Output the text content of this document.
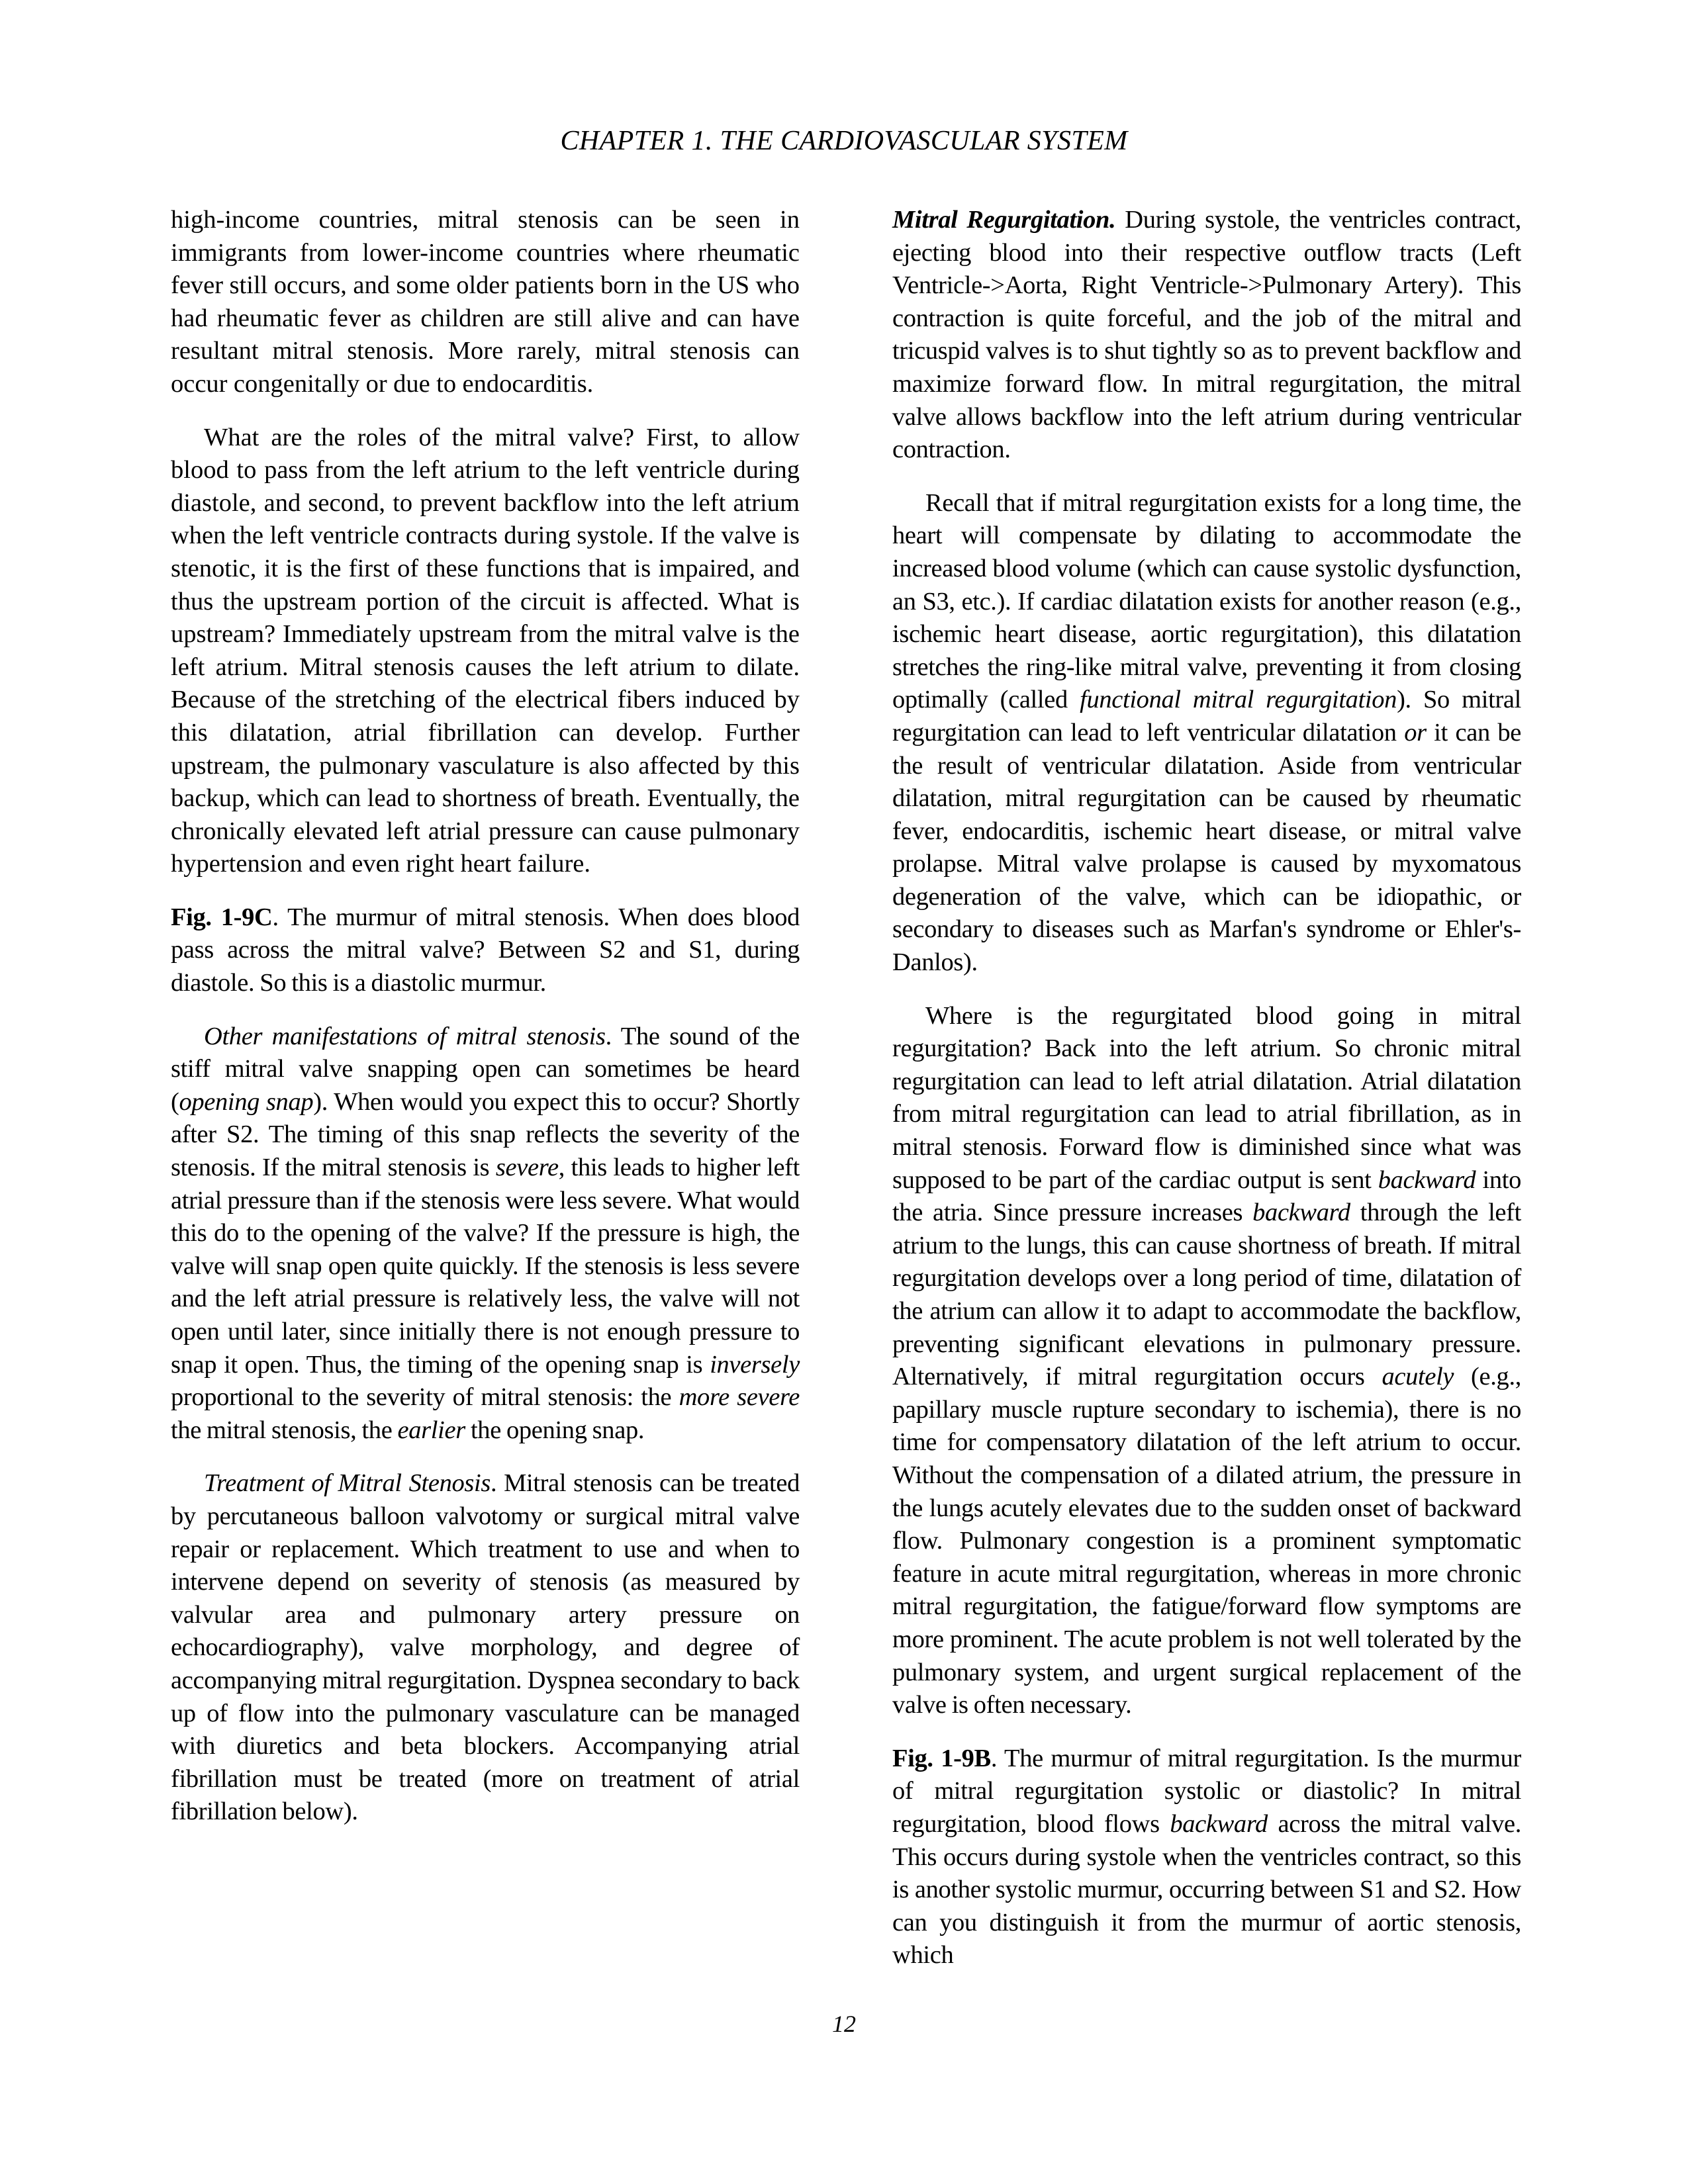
CHAPTER 1. THE CARDIOVASCULAR SYSTEM

high-income countries, mitral stenosis can be seen in immigrants from lower-income countries where rheumatic fever still occurs, and some older patients born in the US who had rheumatic fever as children are still alive and can have resultant mitral stenosis. More rarely, mitral stenosis can occur congenitally or due to endocarditis.

What are the roles of the mitral valve? First, to allow blood to pass from the left atrium to the left ventricle during diastole, and second, to prevent backflow into the left atrium when the left ventricle contracts during systole. If the valve is stenotic, it is the first of these functions that is impaired, and thus the upstream portion of the circuit is affected. What is upstream? Immediately upstream from the mitral valve is the left atrium. Mitral stenosis causes the left atrium to dilate. Because of the stretching of the electrical fibers induced by this dilatation, atrial fibrillation can develop. Further upstream, the pulmonary vasculature is also affected by this backup, which can lead to shortness of breath. Eventually, the chronically elevated left atrial pressure can cause pulmonary hypertension and even right heart failure.

Fig. 1-9C. The murmur of mitral stenosis. When does blood pass across the mitral valve? Between S2 and S1, during diastole. So this is a diastolic murmur.

Other manifestations of mitral stenosis. The sound of the stiff mitral valve snapping open can sometimes be heard (opening snap). When would you expect this to occur? Shortly after S2. The timing of this snap reflects the severity of the stenosis. If the mitral stenosis is severe, this leads to higher left atrial pressure than if the stenosis were less severe. What would this do to the opening of the valve? If the pressure is high, the valve will snap open quite quickly. If the stenosis is less severe and the left atrial pressure is relatively less, the valve will not open until later, since initially there is not enough pressure to snap it open. Thus, the timing of the opening snap is inversely proportional to the severity of mitral stenosis: the more severe the mitral stenosis, the earlier the opening snap.

Treatment of Mitral Stenosis. Mitral stenosis can be treated by percutaneous balloon valvotomy or surgical mitral valve repair or replacement. Which treatment to use and when to intervene depend on severity of stenosis (as measured by valvular area and pulmonary artery pressure on echocardiography), valve morphology, and degree of accompanying mitral regurgitation. Dyspnea secondary to back up of flow into the pulmonary vasculature can be managed with diuretics and beta blockers. Accompanying atrial fibrillation must be treated (more on treatment of atrial fibrillation below).

Mitral Regurgitation. During systole, the ventricles contract, ejecting blood into their respective outflow tracts (Left Ventricle->Aorta, Right Ventricle->Pulmonary Artery). This contraction is quite forceful, and the job of the mitral and tricuspid valves is to shut tightly so as to prevent backflow and maximize forward flow. In mitral regurgitation, the mitral valve allows backflow into the left atrium during ventricular contraction.

Recall that if mitral regurgitation exists for a long time, the heart will compensate by dilating to accommodate the increased blood volume (which can cause systolic dysfunction, an S3, etc.). If cardiac dilatation exists for another reason (e.g., ischemic heart disease, aortic regurgitation), this dilatation stretches the ring-like mitral valve, preventing it from closing optimally (called functional mitral regurgitation). So mitral regurgitation can lead to left ventricular dilatation or it can be the result of ventricular dilatation. Aside from ventricular dilatation, mitral regurgitation can be caused by rheumatic fever, endocarditis, ischemic heart disease, or mitral valve prolapse. Mitral valve prolapse is caused by myxomatous degeneration of the valve, which can be idiopathic, or secondary to diseases such as Marfan's syndrome or Ehler's-Danlos).

Where is the regurgitated blood going in mitral regurgitation? Back into the left atrium. So chronic mitral regurgitation can lead to left atrial dilatation. Atrial dilatation from mitral regurgitation can lead to atrial fibrillation, as in mitral stenosis. Forward flow is diminished since what was supposed to be part of the cardiac output is sent backward into the atria. Since pressure increases backward through the left atrium to the lungs, this can cause shortness of breath. If mitral regurgitation develops over a long period of time, dilatation of the atrium can allow it to adapt to accommodate the backflow, preventing significant elevations in pulmonary pressure. Alternatively, if mitral regurgitation occurs acutely (e.g., papillary muscle rupture secondary to ischemia), there is no time for compensatory dilatation of the left atrium to occur. Without the compensation of a dilated atrium, the pressure in the lungs acutely elevates due to the sudden onset of backward flow. Pulmonary congestion is a prominent symptomatic feature in acute mitral regurgitation, whereas in more chronic mitral regurgitation, the fatigue/forward flow symptoms are more prominent. The acute problem is not well tolerated by the pulmonary system, and urgent surgical replacement of the valve is often necessary.

Fig. 1-9B. The murmur of mitral regurgitation. Is the murmur of mitral regurgitation systolic or diastolic? In mitral regurgitation, blood flows backward across the mitral valve. This occurs during systole when the ventricles contract, so this is another systolic murmur, occurring between S1 and S2. How can you distinguish it from the murmur of aortic stenosis, which

12
